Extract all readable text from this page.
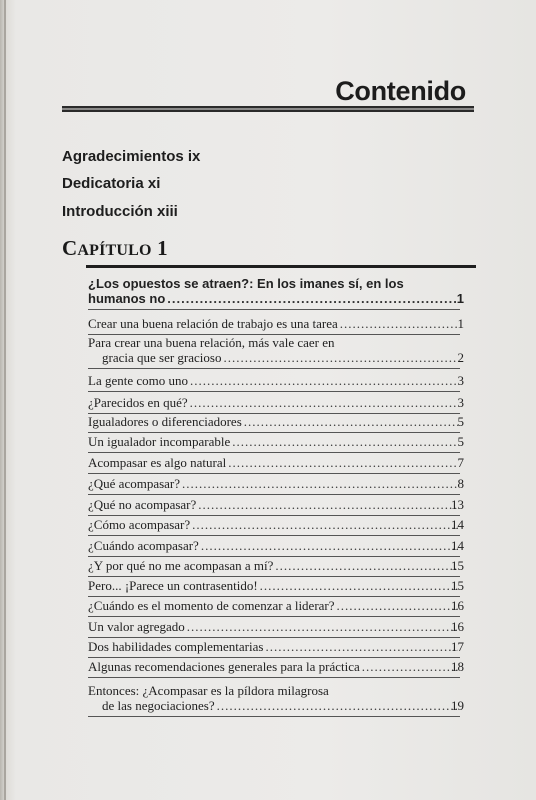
Contenido
Agradecimientos ix
Dedicatoria xi
Introducción xiii
CAPÍTULO 1
¿Los opuestos se atraen?: En los imanes sí, en los
humanos no .....	1
Crear una buena relación de trabajo es una tarea .....	1
Para crear una buena relación, más vale caer en
gracia que ser gracioso .....	2
La gente como uno .....	3
¿Parecidos en qué? .....	3
Igualadores o diferenciadores .....	5
Un igualador incomparable .....	5
Acompasar es algo natural .....	7
¿Qué acompasar? .....	8
¿Qué no acompasar? .....	13
¿Cómo acompasar? .....	14
¿Cuándo acompasar? .....	14
¿Y por qué no me acompasan a mí? .....	15
Pero... ¡Parece un contrasentido! .....	15
¿Cuándo es el momento de comenzar a liderar? .....	16
Un valor agregado .....	16
Dos habilidades complementarias .....	17
Algunas recomendaciones generales para la práctica .....	18
Entonces: ¿Acompasar es la píldora milagrosa
de las negociaciones? .....	19
